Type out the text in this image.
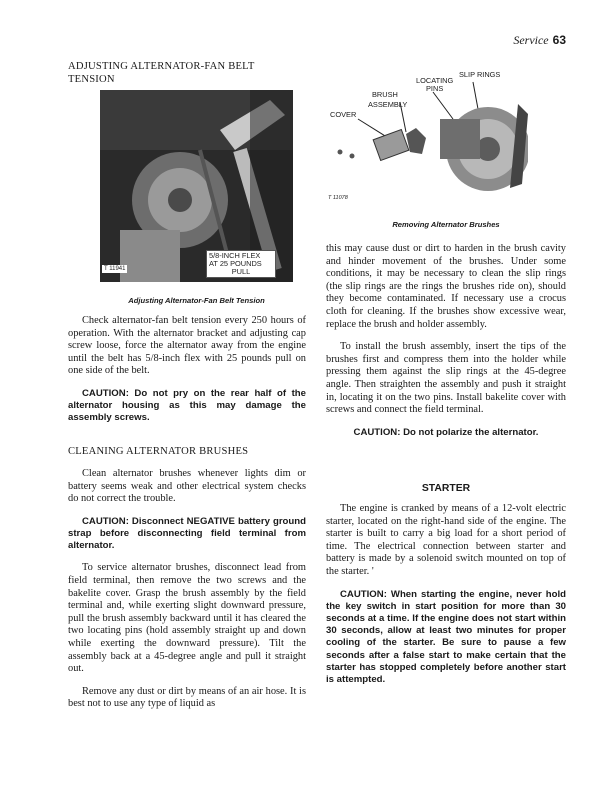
Service 63
ADJUSTING ALTERNATOR-FAN BELT TENSION
5/8-INCH FLEX
AT 25 POUNDS
PULL
T 11941
Adjusting Alternator-Fan Belt Tension

Check alternator-fan belt tension every 250 hours of operation. With the alternator bracket and adjusting cap screw loose, force the alternator away from the engine until the belt has 5/8-inch flex with 25 pounds pull on one side of the belt.

CAUTION: Do not pry on the rear half of the alternator housing as this may damage the assembly screws.

CLEANING ALTERNATOR BRUSHES

Clean alternator brushes whenever lights dim or battery seems weak and other electrical system checks do not correct the trouble.

CAUTION: Disconnect NEGATIVE battery ground strap before disconnecting field terminal from alternator.

To service alternator brushes, disconnect lead from field terminal, then remove the two screws and the bakelite cover. Grasp the brush assembly by the field terminal and, while exerting slight downward pressure, pull the brush assembly backward until it has cleared the two locating pins (hold assembly straight up and down while exerting the downward pressure). Tilt the assembly back at a 45-degree angle and pull it straight out.

Remove any dust or dirt by means of an air hose. It is best not to use any type of liquid as

COVER
BRUSH
ASSEMBLY
LOCATING
PINS
SLIP RINGS
T 11078
Removing Alternator Brushes

this may cause dust or dirt to harden in the brush cavity and hinder movement of the brushes. Under some conditions, it may be necessary to clean the slip rings (the slip rings are the rings the brushes ride on), should they become contaminated. If necessary use a crocus cloth for cleaning. If the brushes show excessive wear, replace the brush and holder assembly.

To install the brush assembly, insert the tips of the brushes first and compress them into the holder while pressing them against the slip rings at the 45-degree angle. Then straighten the assembly and push it straight in, locating it on the two pins. Install bakelite cover with screws and connect the field terminal.

CAUTION: Do not polarize the alternator.

STARTER

The engine is cranked by means of a 12-volt electric starter, located on the right-hand side of the engine. The starter is built to carry a big load for a short period of time. The electrical connection between starter and battery is made by a solenoid switch mounted on top of the starter. '

CAUTION: When starting the engine, never hold the key switch in start position for more than 30 seconds at a time. If the engine does not start within 30 seconds, allow at least two minutes for proper cooling of the starter. Be sure to pause a few seconds after a false start to make certain that the starter has stopped completely before another start is attempted.
